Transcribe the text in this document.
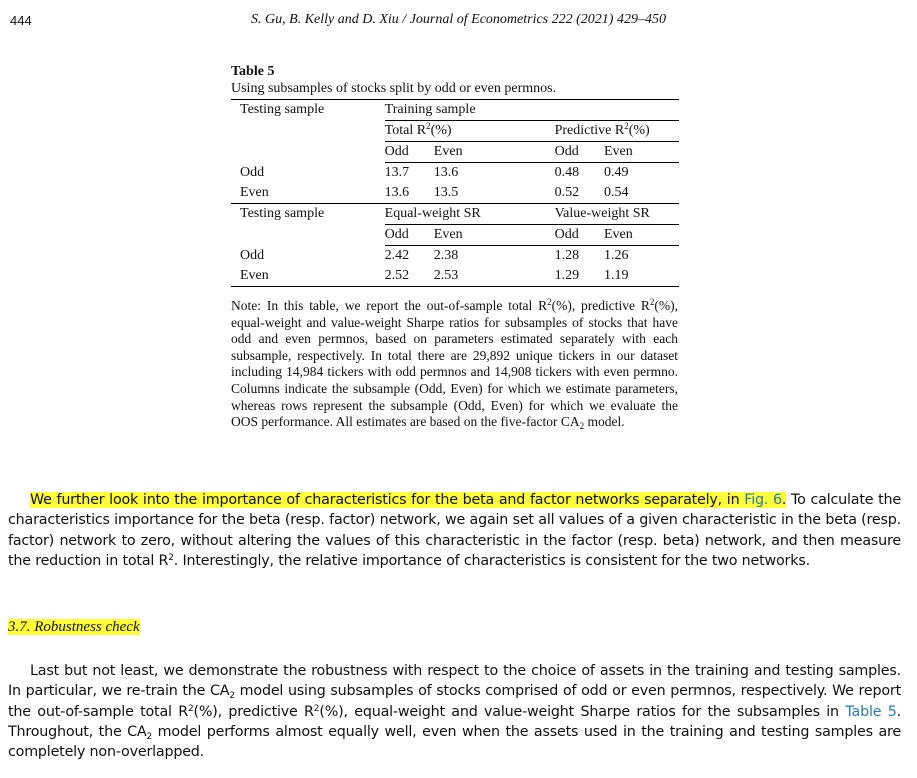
444	S. Gu, B. Kelly and D. Xiu / Journal of Econometrics 222 (2021) 429–450
Table 5
Using subsamples of stocks split by odd or even permnos.
Testing sample	Training sample			
	Total $R^2(\%)$		Predictive $R^2(\%)$	
	Odd	Even	Odd	Even
Odd	13.7	13.6	0.48	0.49
Even	13.6	13.5	0.52	0.54
Testing sample	Equal-weight SR		Value-weight SR	
	Odd	Even	Odd	Even
Odd	2.42	2.38	1.28	1.26
Even	2.52	2.53	1.29	1.19
Note: In this table, we report the out-of-sample total $R^2(\%)$, predictive $R^2(\%)$, equal-weight and value-weight Sharpe ratios for subsamples of stocks that have odd and even permnos, based on parameters estimated separately with each subsample, respectively. In total there are 29,892 unique tickers in our dataset including 14,984 tickers with odd permnos and 14,908 tickers with even permno. Columns indicate the subsample (Odd, Even) for which we estimate parameters, whereas rows represent the subsample (Odd, Even) for which we evaluate the OOS performance. All estimates are based on the five-factor $CA_2$ model.
We further look into the importance of characteristics for the beta and factor networks separately, in Fig. 6. To calculate the characteristics importance for the beta (resp. factor) network, we again set all values of a given characteristic in the beta (resp. factor) network to zero, without altering the values of this characteristic in the factor (resp. beta) network, and then measure the reduction in total $R^2$. Interestingly, the relative importance of characteristics is consistent for the two networks.
3.7. Robustness check
Last but not least, we demonstrate the robustness with respect to the choice of assets in the training and testing samples. In particular, we re-train the $CA_2$ model using subsamples of stocks comprised of odd or even permnos, respectively. We report the out-of-sample total $R^2(\%)$, predictive $R^2(\%)$, equal-weight and value-weight Sharpe ratios for the subsamples in Table 5. Throughout, the $CA_2$ model performs almost equally well, even when the assets used in the training and testing samples are completely non-overlapped.
